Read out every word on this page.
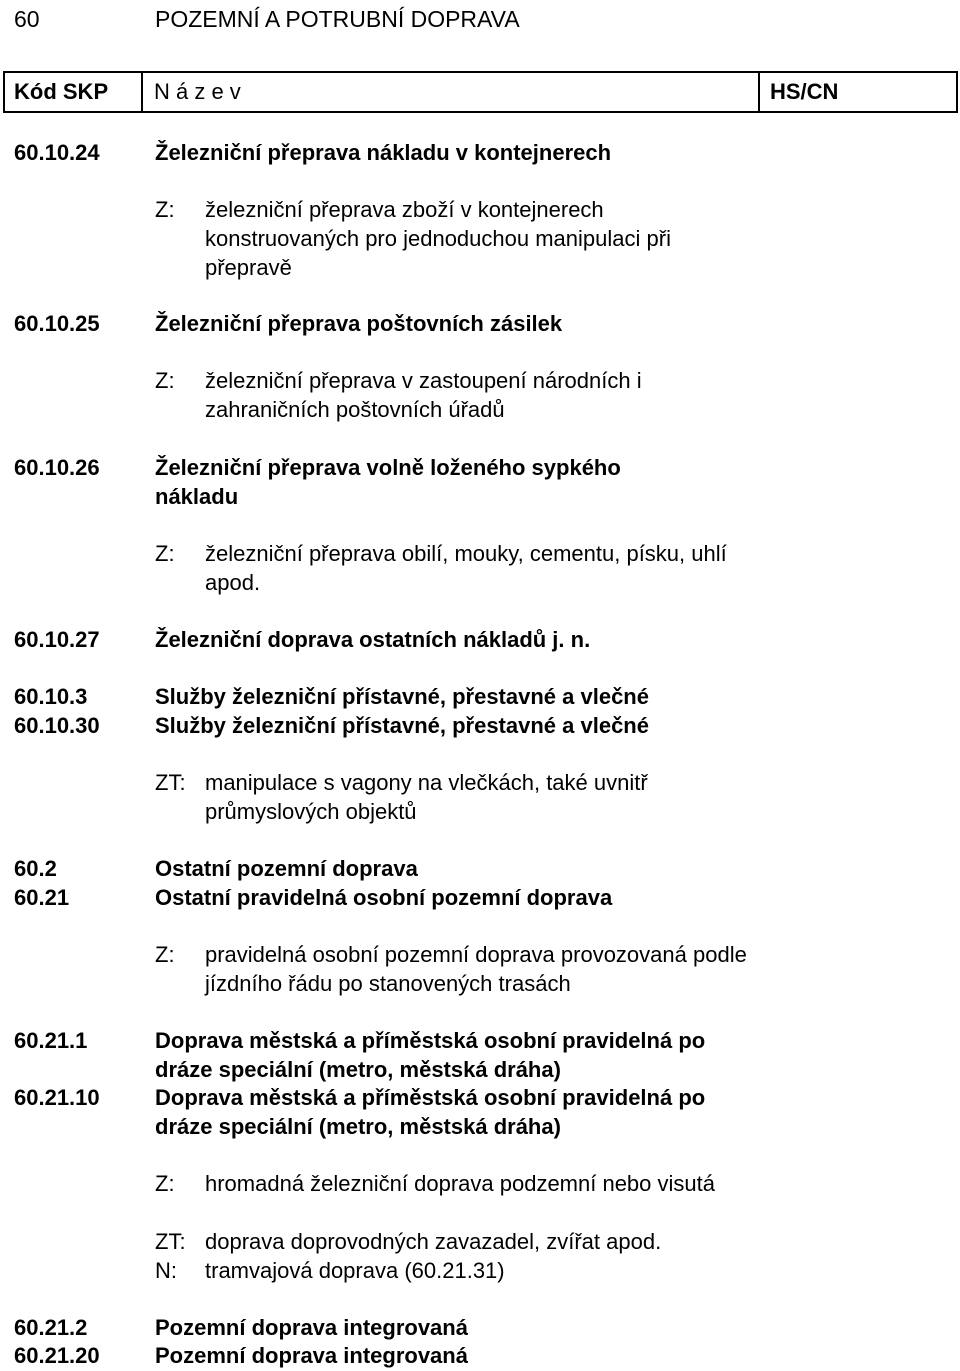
60	POZEMNÍ A POTRUBNÍ DOPRAVA
Kód SKP	N á z e v	HS/CN
60.10.24	Železniční přeprava nákladu v kontejnerech
Z: železniční přeprava zboží v kontejnerech konstruovaných pro jednoduchou manipulaci při přepravě
60.10.25	Železniční přeprava poštovních zásilek
Z: železniční přeprava v zastoupení národních i zahraničních poštovních úřadů
60.10.26	Železniční přeprava volně loženého sypkého nákladu
Z: železniční přeprava obilí, mouky, cementu, písku, uhlí apod.
60.10.27	Železniční doprava ostatních nákladů j. n.
60.10.3	Služby železniční přístavné, přestavné a vlečné
60.10.30	Služby železniční přístavné, přestavné a vlečné
ZT: manipulace s vagony na vlečkách, také uvnitř průmyslových objektů
60.2	Ostatní pozemní doprava
60.21	Ostatní pravidelná osobní pozemní doprava
Z: pravidelná osobní pozemní doprava provozovaná podle jízdního řádu po stanovených trasách
60.21.1	Doprava městská a příměstská osobní pravidelná po dráze speciální (metro, městská dráha)
60.21.10	Doprava městská a příměstská osobní pravidelná po dráze speciální (metro, městská dráha)
Z: hromadná železniční doprava podzemní nebo visutá
ZT: doprava doprovodných zavazadel, zvířat apod.
N: tramvajová doprava (60.21.31)
60.21.2	Pozemní doprava integrovaná
60.21.20	Pozemní doprava integrovaná
